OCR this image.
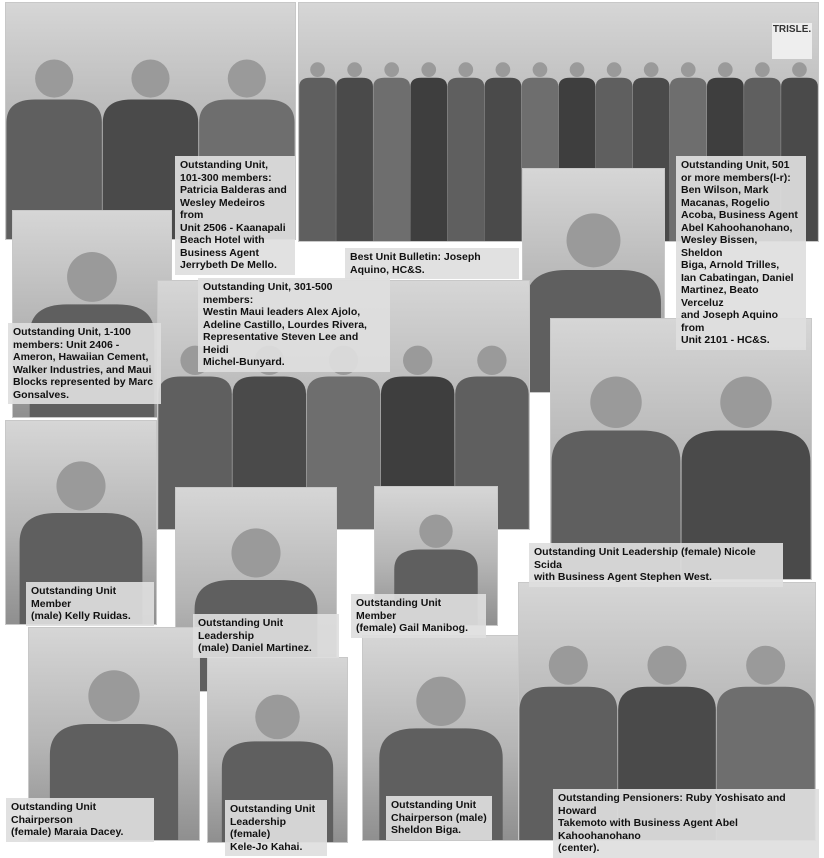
Outstanding Unit,
101-300 members:
Patricia Balderas and
Wesley Medeiros from
Unit 2506 - Kaanapali
Beach Hotel with
Business Agent
Jerrybeth De Mello.
TRISLE.
Outstanding Unit, 501
or more members(l-r):
Ben Wilson, Mark
Macanas, Rogelio
Acoba, Business Agent
Abel Kahoohanohano,
Wesley Bissen, Sheldon
Biga, Arnold Trilles,
Ian Cabatingan, Daniel
Martinez, Beato Verceluz
and Joseph Aquino from
Unit 2101 - HC&S.
Best Unit Bulletin: Joseph Aquino, HC&S.
Outstanding Unit, 1-100
members: Unit 2406 -
Ameron, Hawaiian Cement,
Walker Industries, and Maui
Blocks represented by Marc
Gonsalves.
Outstanding Unit, 301-500 members:
Westin Maui leaders Alex Ajolo,
Adeline Castillo, Lourdes Rivera,
Representative Steven Lee and Heidi
Michel-Bunyard.
Outstanding Unit Leadership (female) Nicole Scida
with Business Agent Stephen West.
Outstanding Unit Member
(male) Kelly Ruidas.
Outstanding Unit Leadership
(male) Daniel Martinez.
Outstanding Unit Member
(female) Gail Manibog.
Outstanding Unit Chairperson
(female) Maraia Dacey.
Outstanding Unit
Leadership (female)
Kele-Jo Kahai.
Outstanding Unit
Chairperson (male)
Sheldon Biga.
Outstanding Pensioners: Ruby Yoshisato and Howard
Takemoto with Business Agent Abel Kahoohanohano
(center).
